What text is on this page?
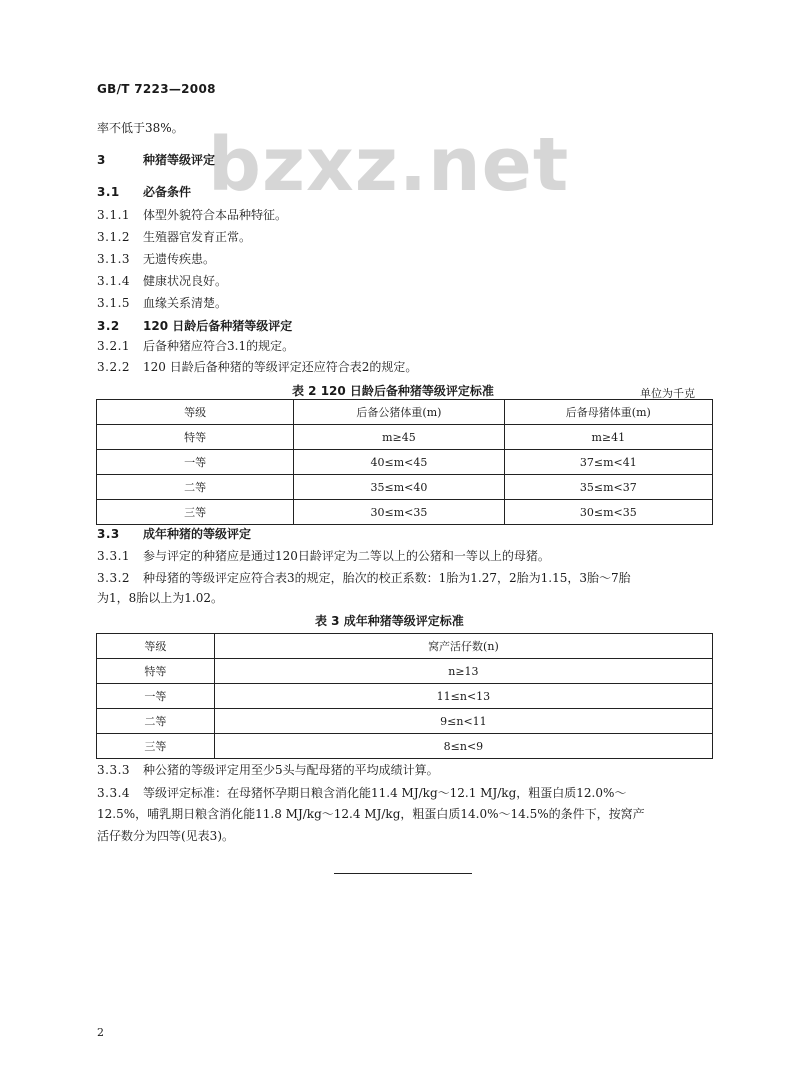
GB/T 7223—2008
bzxz.net
率不低于38%。
3	种猪等级评定
3.1 必备条件
3.1.1 体型外貌符合本品种特征。
3.1.2 生殖器官发育正常。
3.1.3 无遗传疾患。
3.1.4 健康状况良好。
3.1.5 血缘关系清楚。
3.2 120 日龄后备种猪等级评定
3.2.1 后备种猪应符合3.1的规定。
3.2.2 120 日龄后备种猪的等级评定还应符合表2的规定。
表 2 120 日龄后备种猪等级评定标准	单位为千克
等级	后备公猪体重(m)	后备母猪体重(m)
特等	m≥45	m≥41
一等	40≤m<45	37≤m<41
二等	35≤m<40	35≤m<37
三等	30≤m<35	30≤m<35
3.3 成年种猪的等级评定
3.3.1 参与评定的种猪应是通过120日龄评定为二等以上的公猪和一等以上的母猪。
3.3.2 种母猪的等级评定应符合表3的规定，胎次的校正系数：1胎为1.27，2胎为1.15，3胎～7胎
为1，8胎以上为1.02。
表 3 成年种猪等级评定标准
等级	窝产活仔数(n)
特等	n≥13
一等	11≤n<13
二等	9≤n<11
三等	8≤n<9
3.3.3 种公猪的等级评定用至少5头与配母猪的平均成绩计算。
3.3.4 等级评定标准：在母猪怀孕期日粮含消化能11.4 MJ/kg～12.1 MJ/kg，粗蛋白质12.0%～
12.5%，哺乳期日粮含消化能11.8 MJ/kg～12.4 MJ/kg，粗蛋白质14.0%～14.5%的条件下，按窝产
活仔数分为四等(见表3)。
2
